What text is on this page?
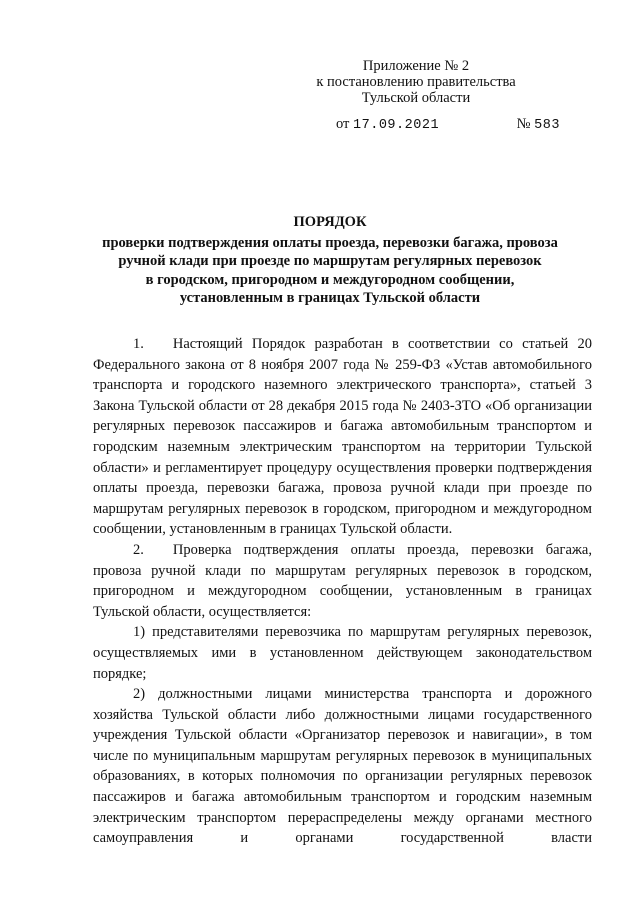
Приложение № 2
к постановлению правительства
Тульской области
от 17.09.2021	№ 583
ПОРЯДОК
проверки подтверждения оплаты проезда, перевозки багажа, провоза
ручной клади при проезде по маршрутам регулярных перевозок
в городском, пригородном и междугородном сообщении,
установленным в границах Тульской области

1.  Настоящий Порядок разработан в соответствии со статьей 20 Федерального закона от 8 ноября 2007 года № 259-ФЗ «Устав автомобильного транспорта и городского наземного электрического транспорта», статьей 3 Закона Тульской области от 28 декабря 2015 года № 2403-ЗТО «Об организации регулярных перевозок пассажиров и багажа автомобильным транспортом и городским наземным электрическим транспортом на территории Тульской области» и регламентирует процедуру осуществления проверки подтверждения оплаты проезда, перевозки багажа, провоза ручной клади при проезде по маршрутам регулярных перевозок в городском, пригородном и междугородном сообщении, установленным в границах Тульской области.

2.  Проверка подтверждения оплаты проезда, перевозки багажа, провоза ручной клади по маршрутам регулярных перевозок в городском, пригородном и междугородном сообщении, установленным в границах Тульской области, осуществляется:

1) представителями перевозчика по маршрутам регулярных перевозок, осуществляемых ими в установленном действующем законодательством порядке;

2) должностными лицами министерства транспорта и дорожного хозяйства Тульской области либо должностными лицами государственного учреждения Тульской области «Организатор перевозок и навигации», в том числе по муниципальным маршрутам регулярных перевозок в муниципальных образованиях, в которых полномочия по организации регулярных перевозок пассажиров и багажа автомобильным транспортом и городским наземным электрическим транспортом перераспределены между органами местного самоуправления и органами государственной власти
